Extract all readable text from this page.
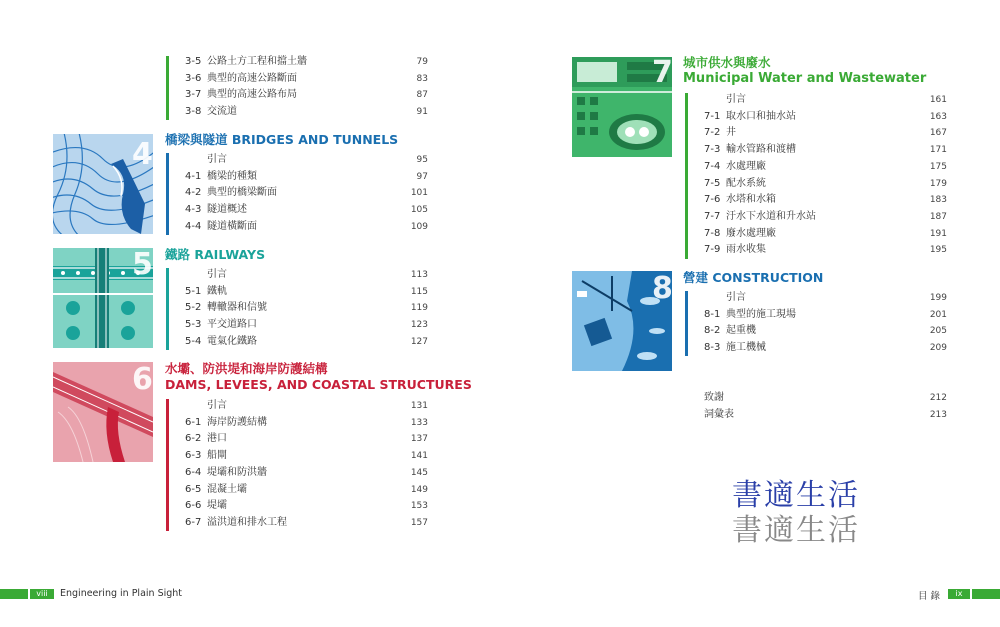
3-5 公路土方工程和擋土牆	79
3-6 典型的高速公路斷面	83
3-7 典型的高速公路布局	87
3-8 交流道	91
4 橋梁與隧道 BRIDGES AND TUNNELS
引言	95
4-1 橋梁的種類	97
4-2 典型的橋梁斷面	101
4-3 隧道概述	105
4-4 隧道橫斷面	109
5 鐵路 RAILWAYS
引言	113
5-1 鐵軌	115
5-2 轉轍器和信號	119
5-3 平交道路口	123
5-4 電氣化鐵路	127
6 水壩、防洪堤和海岸防護結構
DAMS, LEVEES, AND COASTAL STRUCTURES
引言	131
6-1 海岸防護結構	133
6-2 港口	137
6-3 船閘	141
6-4 堤壩和防洪牆	145
6-5 混凝土壩	149
6-6 堤壩	153
6-7 溢洪道和排水工程	157
viii	Engineering in Plain Sight
7 城市供水與廢水
Municipal Water and Wastewater
引言	161
7-1 取水口和抽水站	163
7-2 井	167
7-3 輸水管路和渡槽	171
7-4 水處理廠	175
7-5 配水系統	179
7-6 水塔和水箱	183
7-7 汙水下水道和升水站	187
7-8 廢水處理廠	191
7-9 雨水收集	195
8 營建 CONSTRUCTION
引言	199
8-1 典型的施工現場	201
8-2 起重機	205
8-3 施工機械	209
致謝	212
詞彙表	213
書適生活
書適生活
目 錄	ix
